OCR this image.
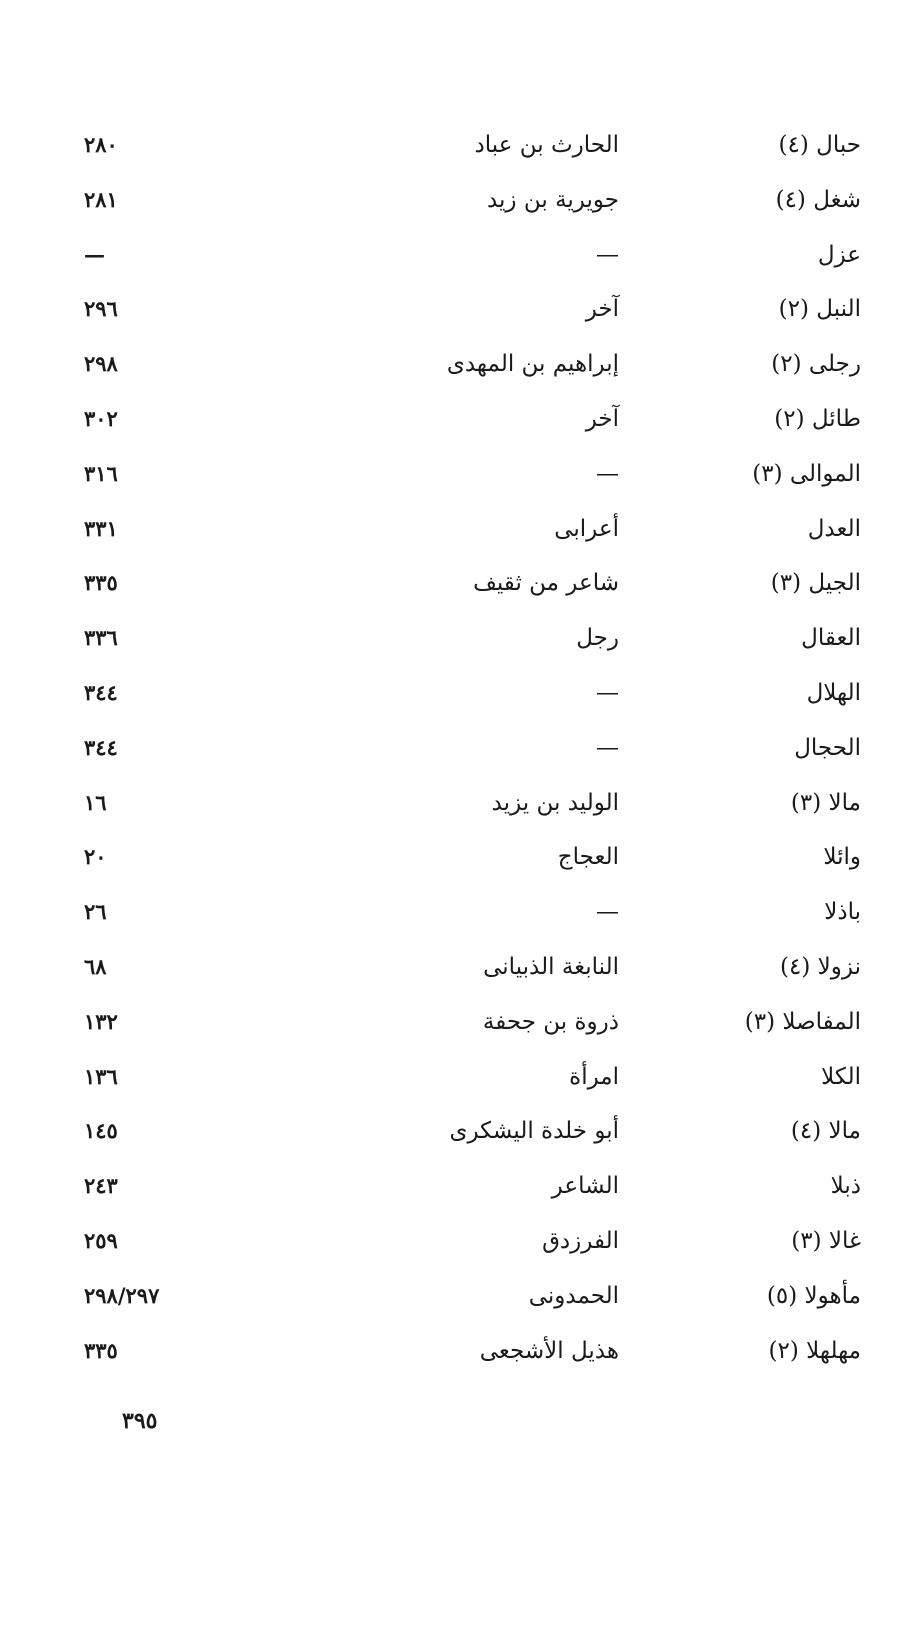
حبال (٤)
الحارث بن عباد
٢٨٠
شغل (٤)
جويرية بن زيد
٢٨١
عزل
—
—
النبل (٢)
آخر
٢٩٦
رجلى (٢)
إبراهيم بن المهدى
٢٩٨
طائل (٢)
آخر
٣٠٢
الموالى (٣)
—
٣١٦
العدل
أعرابى
٣٣١
الجيل (٣)
شاعر من ثقيف
٣٣٥
العقال
رجل
٣٣٦
الهلال
—
٣٤٤
الحجال
—
٣٤٤
مالا (٣)
الوليد بن يزيد
١٦
وائلا
العجاج
٢٠
باذلا
—
٢٦
نزولا (٤)
النابغة الذبيانى
٦٨
المفاصلا (٣)
ذروة بن جحفة
١٣٢
الكلا
امرأة
١٣٦
مالا (٤)
أبو خلدة اليشكرى
١٤٥
ذبلا
الشاعر
٢٤٣
غالا (٣)
الفرزدق
٢٥٩
مأهولا (٥)
الحمدونى
٢٩٨/٢٩٧
مهلهلا (٢)
هذيل الأشجعى
٣٣٥
٣٩٥
